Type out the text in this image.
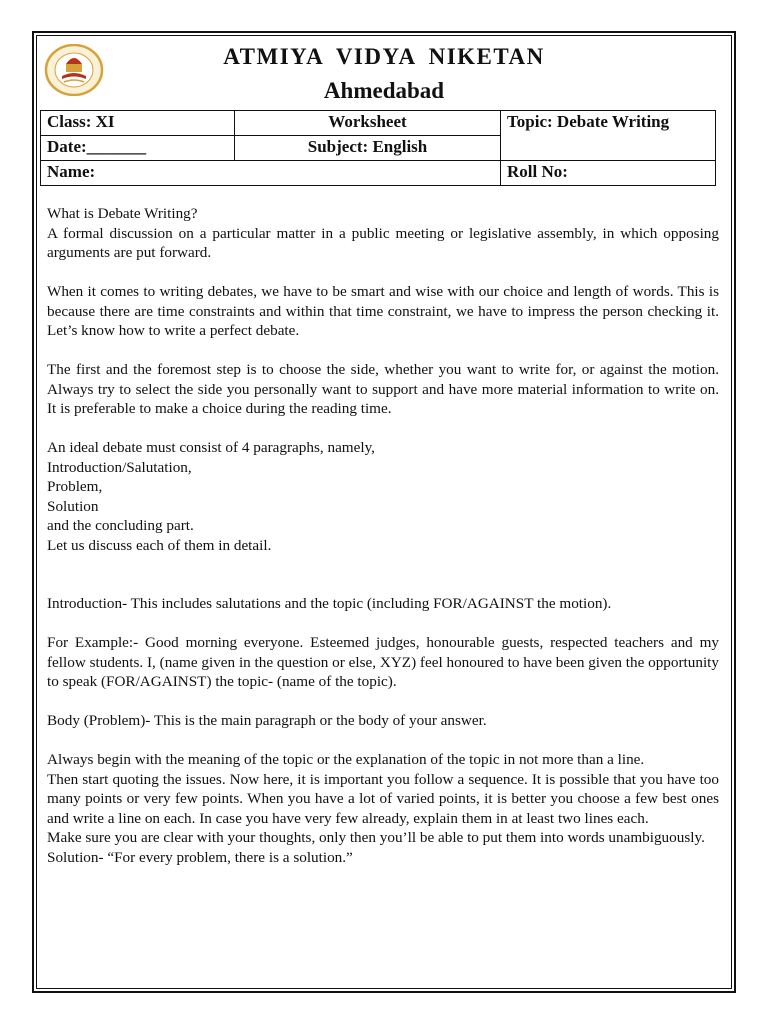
ATMIYA VIDYA NIKETAN
Ahmedabad
Class: XI	Worksheet	Topic: Debate Writing
Date:_______	Subject: English	
Name:		Roll No:

What is Debate Writing?
A formal discussion on a particular matter in a public meeting or legislative assembly, in which opposing arguments are put forward.

When it comes to writing debates, we have to be smart and wise with our choice and length of words. This is because there are time constraints and within that time constraint, we have to impress the person checking it. Let’s know how to write a perfect debate.

The first and the foremost step is to choose the side, whether you want to write for, or against the motion. Always try to select the side you personally want to support and have more material information to write on. It is preferable to make a choice during the reading time.

An ideal debate must consist of 4 paragraphs, namely,
Introduction/Salutation,
Problem,
Solution
and the concluding part.
Let us discuss each of them in detail.

Introduction- This includes salutations and the topic (including FOR/AGAINST the motion).

For Example:- Good morning everyone. Esteemed judges, honourable guests, respected teachers and my fellow students. I, (name given in the question or else, XYZ) feel honoured to have been given the opportunity to speak (FOR/AGAINST) the topic- (name of the topic).

Body (Problem)- This is the main paragraph or the body of your answer.

Always begin with the meaning of the topic or the explanation of the topic in not more than a line.

Then start quoting the issues. Now here, it is important you follow a sequence. It is possible that you have too many points or very few points. When you have a lot of varied points, it is better you choose a few best ones and write a line on each. In case you have very few already, explain them in at least two lines each.

Make sure you are clear with your thoughts, only then you’ll be able to put them into words unambiguously.

Solution- “For every problem, there is a solution.”
